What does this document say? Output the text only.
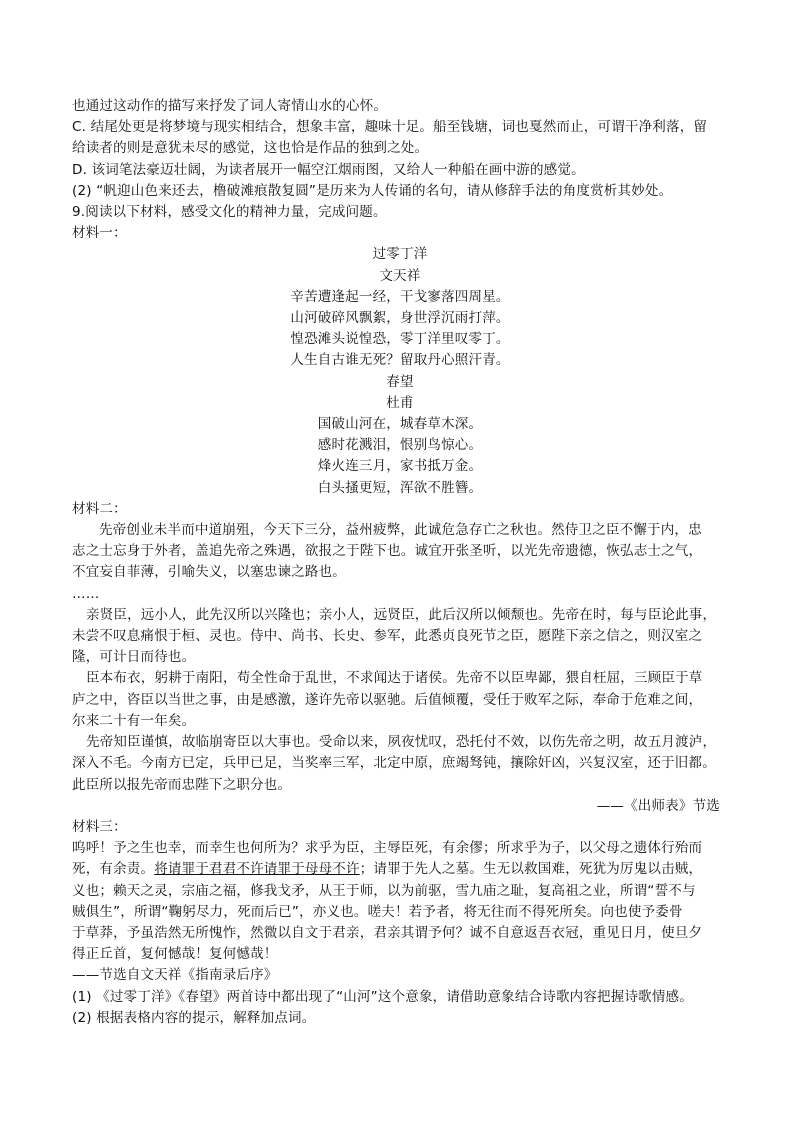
也通过这动作的描写来抒发了词人寄情山水的心怀。
C. 结尾处更是将梦境与现实相结合，想象丰富，趣味十足。船至钱塘，词也戛然而止，可谓干净利落，留
给读者的则是意犹未尽的感觉，这也恰是作品的独到之处。
D. 该词笔法豪迈壮阔，为读者展开一幅空江烟雨图，又给人一种船在画中游的感觉。
(2) “帆迎山色来还去，橹破滩痕散复圆”是历来为人传诵的名句，请从修辞手法的角度赏析其妙处。
9.阅读以下材料，感受文化的精神力量，完成问题。
材料一：
过零丁洋
文天祥
辛苦遭逢起一经，干戈寥落四周星。
山河破碎风飘絮，身世浮沉雨打萍。
惶恐滩头说惶恐，零丁洋里叹零丁。
人生自古谁无死？留取丹心照汗青。
春望
杜甫
国破山河在，城春草木深。
感时花溅泪，恨别鸟惊心。
烽火连三月，家书抵万金。
白头搔更短，浑欲不胜簪。
材料二：
先帝创业未半而中道崩殂，今天下三分，益州疲弊，此诚危急存亡之秋也。然侍卫之臣不懈于内，忠
志之士忘身于外者，盖追先帝之殊遇，欲报之于陛下也。诚宜开张圣听，以光先帝遗德，恢弘志士之气，
不宜妄自菲薄，引喻失义，以塞忠谏之路也。
……
亲贤臣，远小人，此先汉所以兴隆也；亲小人，远贤臣，此后汉所以倾颓也。先帝在时，每与臣论此事，
未尝不叹息痛恨于桓、灵也。侍中、尚书、长史、参军，此悉贞良死节之臣，愿陛下亲之信之，则汉室之
隆，可计日而待也。
臣本布衣，躬耕于南阳，苟全性命于乱世，不求闻达于诸侯。先帝不以臣卑鄙，猥自枉屈，三顾臣于草
庐之中，咨臣以当世之事，由是感激，遂许先帝以驱驰。后值倾覆，受任于败军之际，奉命于危难之间，
尔来二十有一年矣。
先帝知臣谨慎，故临崩寄臣以大事也。受命以来，夙夜忧叹，恐托付不效，以伤先帝之明，故五月渡泸，
深入不毛。今南方已定，兵甲已足，当奖率三军，北定中原，庶竭驽钝，攘除奸凶，兴复汉室，还于旧都。
此臣所以报先帝而忠陛下之职分也。
——《出师表》节选
材料三：
呜呼！予之生也幸，而幸生也何所为？求乎为臣，主辱臣死，有余僇；所求乎为子，以父母之遗体行殆而
死，有余责。将请罪于君君不许请罪于母母不许；请罪于先人之墓。生无以救国难，死犹为厉鬼以击贼，
义也；赖天之灵，宗庙之福，修我戈矛，从王于师，以为前驱，雪九庙之耻，复高祖之业，所谓“誓不与
贼俱生”，所谓“鞠躬尽力，死而后已”，亦义也。嗟夫！若予者，将无往而不得死所矣。向也使予委骨
于草莽，予虽浩然无所愧怍，然微以自文于君亲，君亲其谓予何？诚不自意返吾衣冠，重见日月，使旦夕
得正丘首，复何憾哉！复何憾哉！
——节选自文天祥《指南录后序》
(1) 《过零丁洋》《春望》两首诗中都出现了“山河”这个意象，请借助意象结合诗歌内容把握诗歌情感。
(2) 根据表格内容的提示，解释加点词。
